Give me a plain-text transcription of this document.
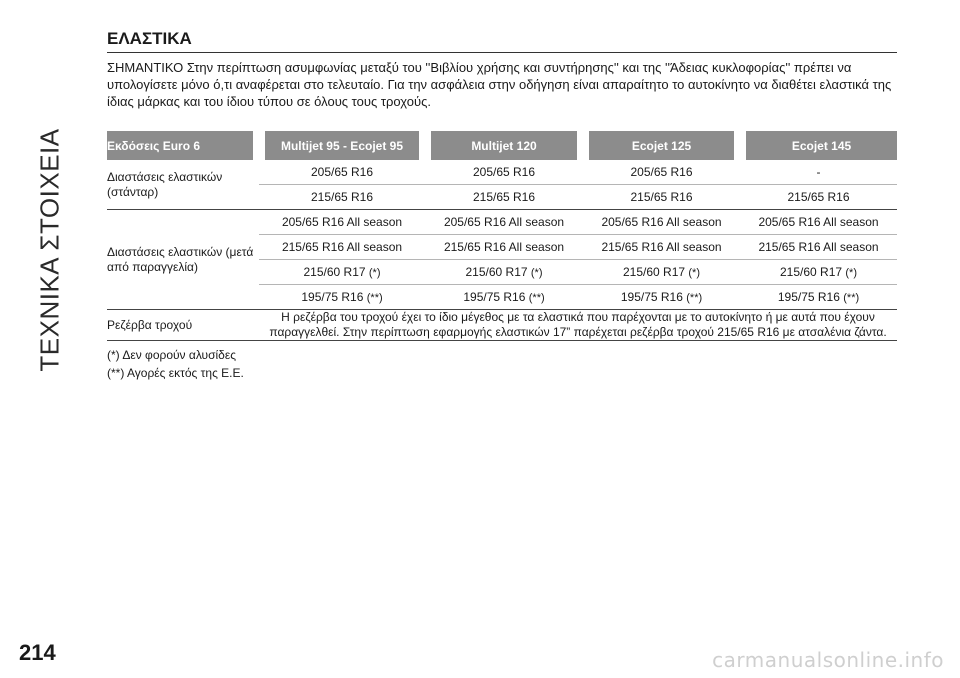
ΤΕΧΝΙΚΑ ΣΤΟΙΧΕΙΑ
214	carmanualsonline.info
ΕΛΑΣΤΙΚΑ

ΣΗΜΑΝΤΙΚΟ Στην περίπτωση ασυμφωνίας μεταξύ του ''Βιβλίου χρήσης και συντήρησης'' και της ''Άδειας κυκλοφορίας'' πρέπει να υπολογίσετε μόνο ό,τι αναφέρεται στο τελευταίο. Για την ασφάλεια στην οδήγηση είναι απαραίτητο το αυτοκίνητο να διαθέτει ελαστικά της ίδιας μάρκας και του ίδιου τύπου σε όλους τους τροχούς.

Εκδόσεις Euro 6	Multijet 95 - Ecojet 95	Multijet 120	Ecojet 125	Ecojet 145
Διαστάσεις ελαστικών (στάνταρ)	205/65 R16	205/65 R16	205/65 R16	-
	215/65 R16	215/65 R16	215/65 R16	215/65 R16
Διαστάσεις ελαστικών (μετά από παραγγελία)	205/65 R16 All season	205/65 R16 All season	205/65 R16 All season	205/65 R16 All season
	215/65 R16 All season	215/65 R16 All season	215/65 R16 All season	215/65 R16 All season
	215/60 R17 (*)	215/60 R17 (*)	215/60 R17 (*)	215/60 R17 (*)
	195/75 R16 (**)	195/75 R16 (**)	195/75 R16 (**)	195/75 R16 (**)
Ρεζέρβα τροχού	Η ρεζέρβα του τροχού έχει το ίδιο μέγεθος με τα ελαστικά που παρέχονται με το αυτοκίνητο ή με αυτά που έχουν παραγγελθεί. Στην περίπτωση εφαρμογής ελαστικών 17” παρέχεται ρεζέρβα τροχού 215/65 R16 με ατσαλένια ζάντα.			
(*) Δεν φορούν αλυσίδες
(**) Αγορές εκτός της Ε.Ε.
